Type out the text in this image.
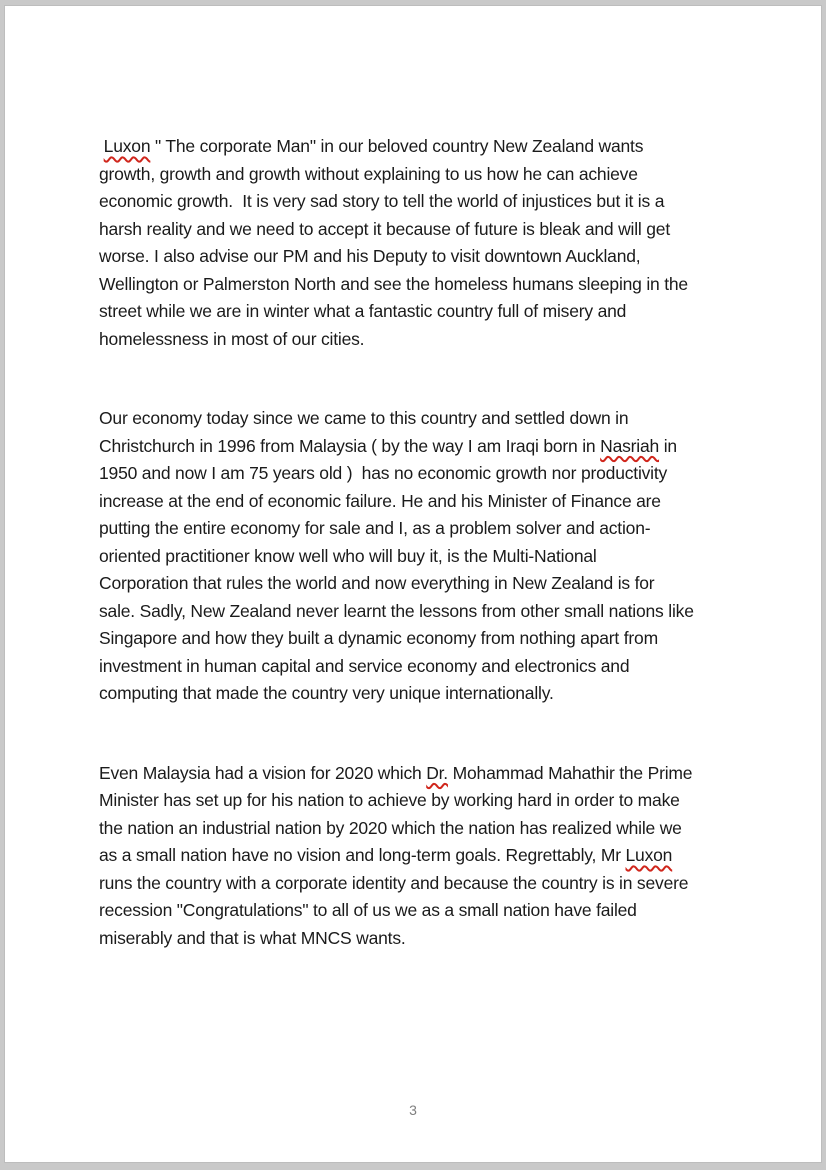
Luxon " The corporate Man" in our beloved country New Zealand wants
growth, growth and growth without explaining to us how he can achieve
economic growth.  It is very sad story to tell the world of injustices but it is a
harsh reality and we need to accept it because of future is bleak and will get
worse. I also advise our PM and his Deputy to visit downtown Auckland,
Wellington or Palmerston North and see the homeless humans sleeping in the
street while we are in winter what a fantastic country full of misery and
homelessness in most of our cities.
Our economy today since we came to this country and settled down in
Christchurch in 1996 from Malaysia ( by the way I am Iraqi born in Nasriah in
1950 and now I am 75 years old )  has no economic growth nor productivity
increase at the end of economic failure. He and his Minister of Finance are
putting the entire economy for sale and I, as a problem solver and action-
oriented practitioner know well who will buy it, is the Multi-National
Corporation that rules the world and now everything in New Zealand is for
sale. Sadly, New Zealand never learnt the lessons from other small nations like
Singapore and how they built a dynamic economy from nothing apart from
investment in human capital and service economy and electronics and
computing that made the country very unique internationally.
Even Malaysia had a vision for 2020 which Dr. Mohammad Mahathir the Prime
Minister has set up for his nation to achieve by working hard in order to make
the nation an industrial nation by 2020 which the nation has realized while we
as a small nation have no vision and long-term goals. Regrettably, Mr Luxon
runs the country with a corporate identity and because the country is in severe
recession "Congratulations" to all of us we as a small nation have failed
miserably and that is what MNCS wants.
3
